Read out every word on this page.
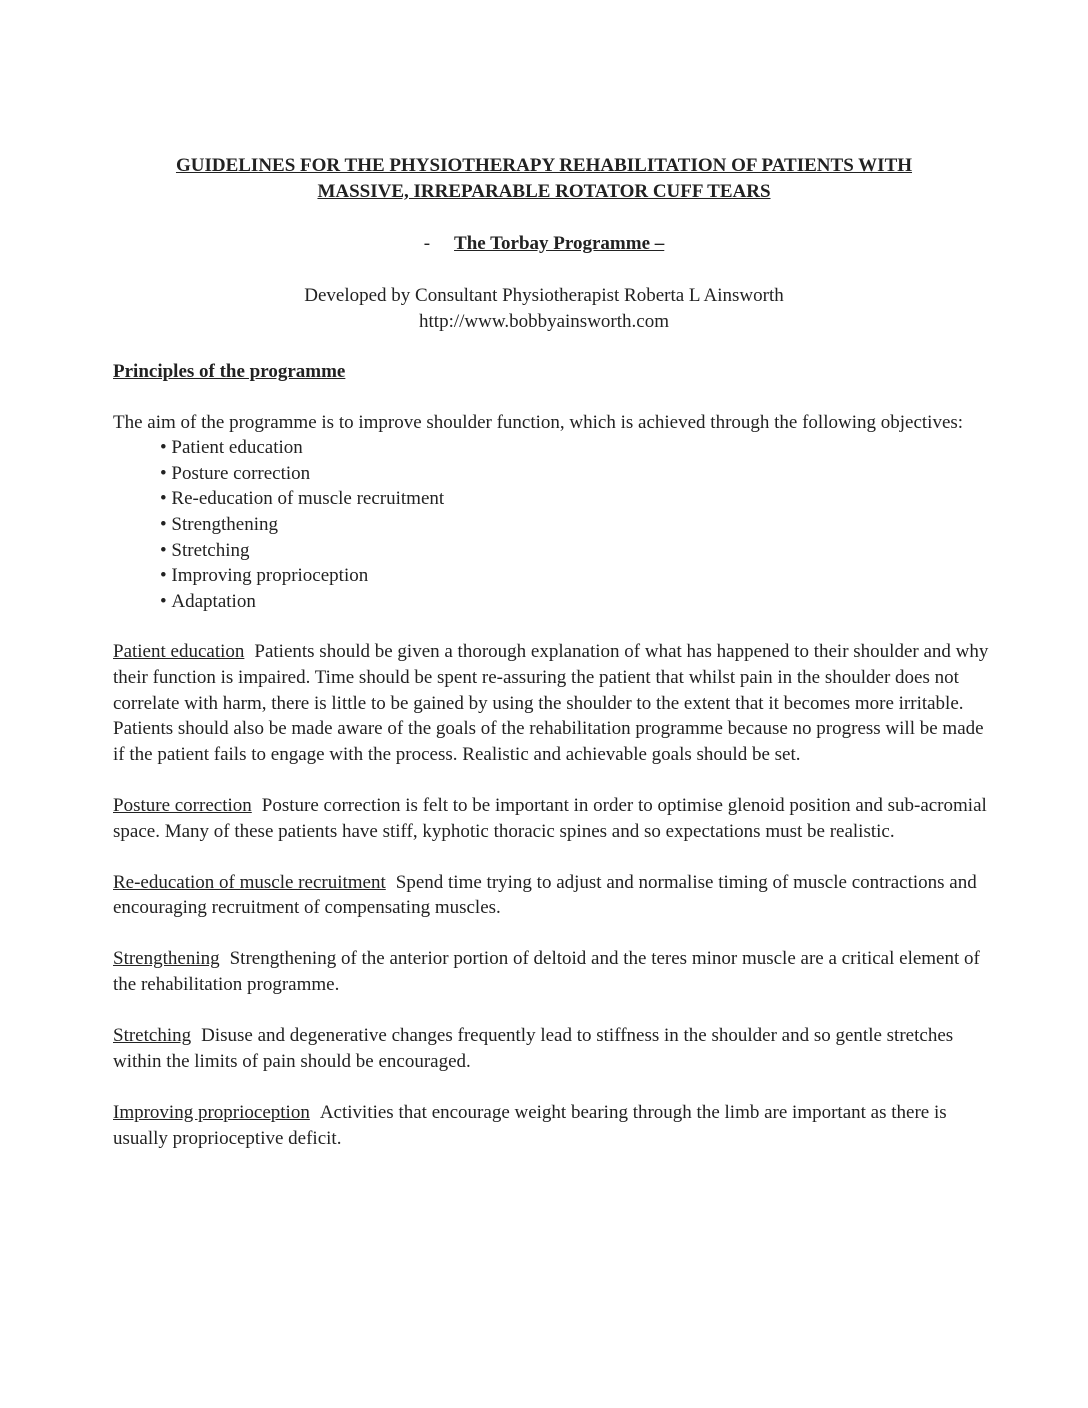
GUIDELINES FOR THE PHYSIOTHERAPY REHABILITATION OF PATIENTS WITH
MASSIVE, IRREPARABLE ROTATOR CUFF TEARS
- The Torbay Programme –
Developed by Consultant Physiotherapist Roberta L Ainsworth
http://www.bobbyainsworth.com
Principles of the programme

The aim of the programme is to improve shoulder function, which is achieved through the following objectives:

• Patient education
• Posture correction
• Re-education of muscle recruitment
• Strengthening
• Stretching
• Improving proprioception
• Adaptation

Patient education Patients should be given a thorough explanation of what has happened to their shoulder and why their function is impaired. Time should be spent re-assuring the patient that whilst pain in the shoulder does not correlate with harm, there is little to be gained by using the shoulder to the extent that it becomes more irritable. Patients should also be made aware of the goals of the rehabilitation programme because no progress will be made if the patient fails to engage with the process. Realistic and achievable goals should be set.

Posture correction Posture correction is felt to be important in order to optimise glenoid position and sub-acromial space. Many of these patients have stiff, kyphotic thoracic spines and so expectations must be realistic.

Re-education of muscle recruitment Spend time trying to adjust and normalise timing of muscle contractions and encouraging recruitment of compensating muscles.

Strengthening Strengthening of the anterior portion of deltoid and the teres minor muscle are a critical element of the rehabilitation programme.

Stretching Disuse and degenerative changes frequently lead to stiffness in the shoulder and so gentle stretches within the limits of pain should be encouraged.

Improving proprioception Activities that encourage weight bearing through the limb are important as there is usually proprioceptive deficit.
